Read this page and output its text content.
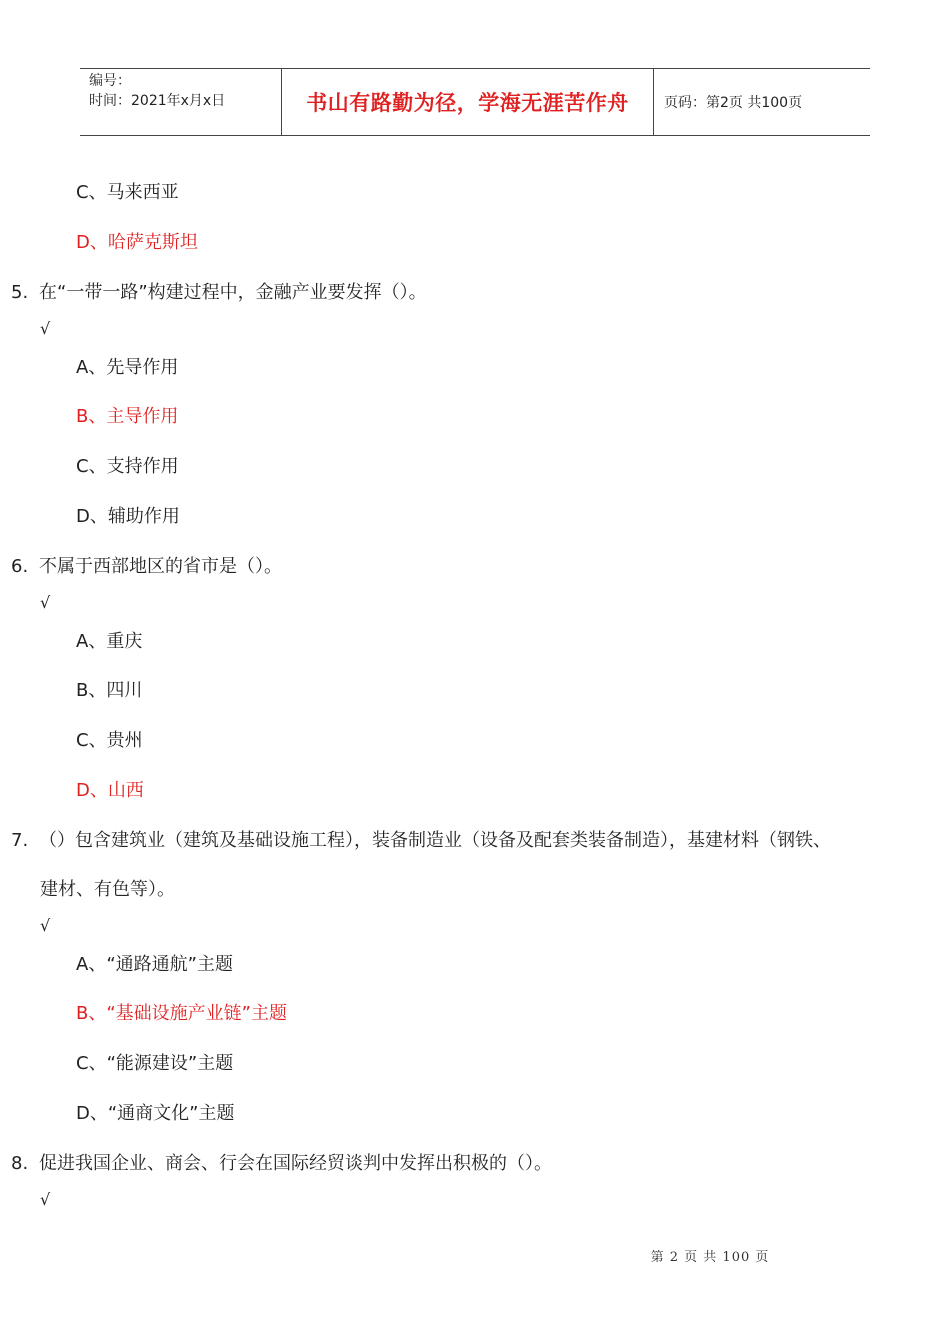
编号：
时间：2021年x月x日	书山有路勤为径，学海无涯苦作舟	页码：第2页 共100页
C、马来西亚
D、哈萨克斯坦
5. 在“一带一路”构建过程中，金融产业要发挥（）。
√
A、先导作用
B、主导作用
C、支持作用
D、辅助作用
6. 不属于西部地区的省市是（）。
√
A、重庆
B、四川
C、贵州
D、山西
7. （）包含建筑业（建筑及基础设施工程），装备制造业（设备及配套类装备制造），基建材料（钢铁、
建材、有色等）。
√
A、“通路通航”主题
B、“基础设施产业链”主题
C、“能源建设”主题
D、“通商文化”主题
8. 促进我国企业、商会、行会在国际经贸谈判中发挥出积极的（）。
√
第 2 页 共 100 页
